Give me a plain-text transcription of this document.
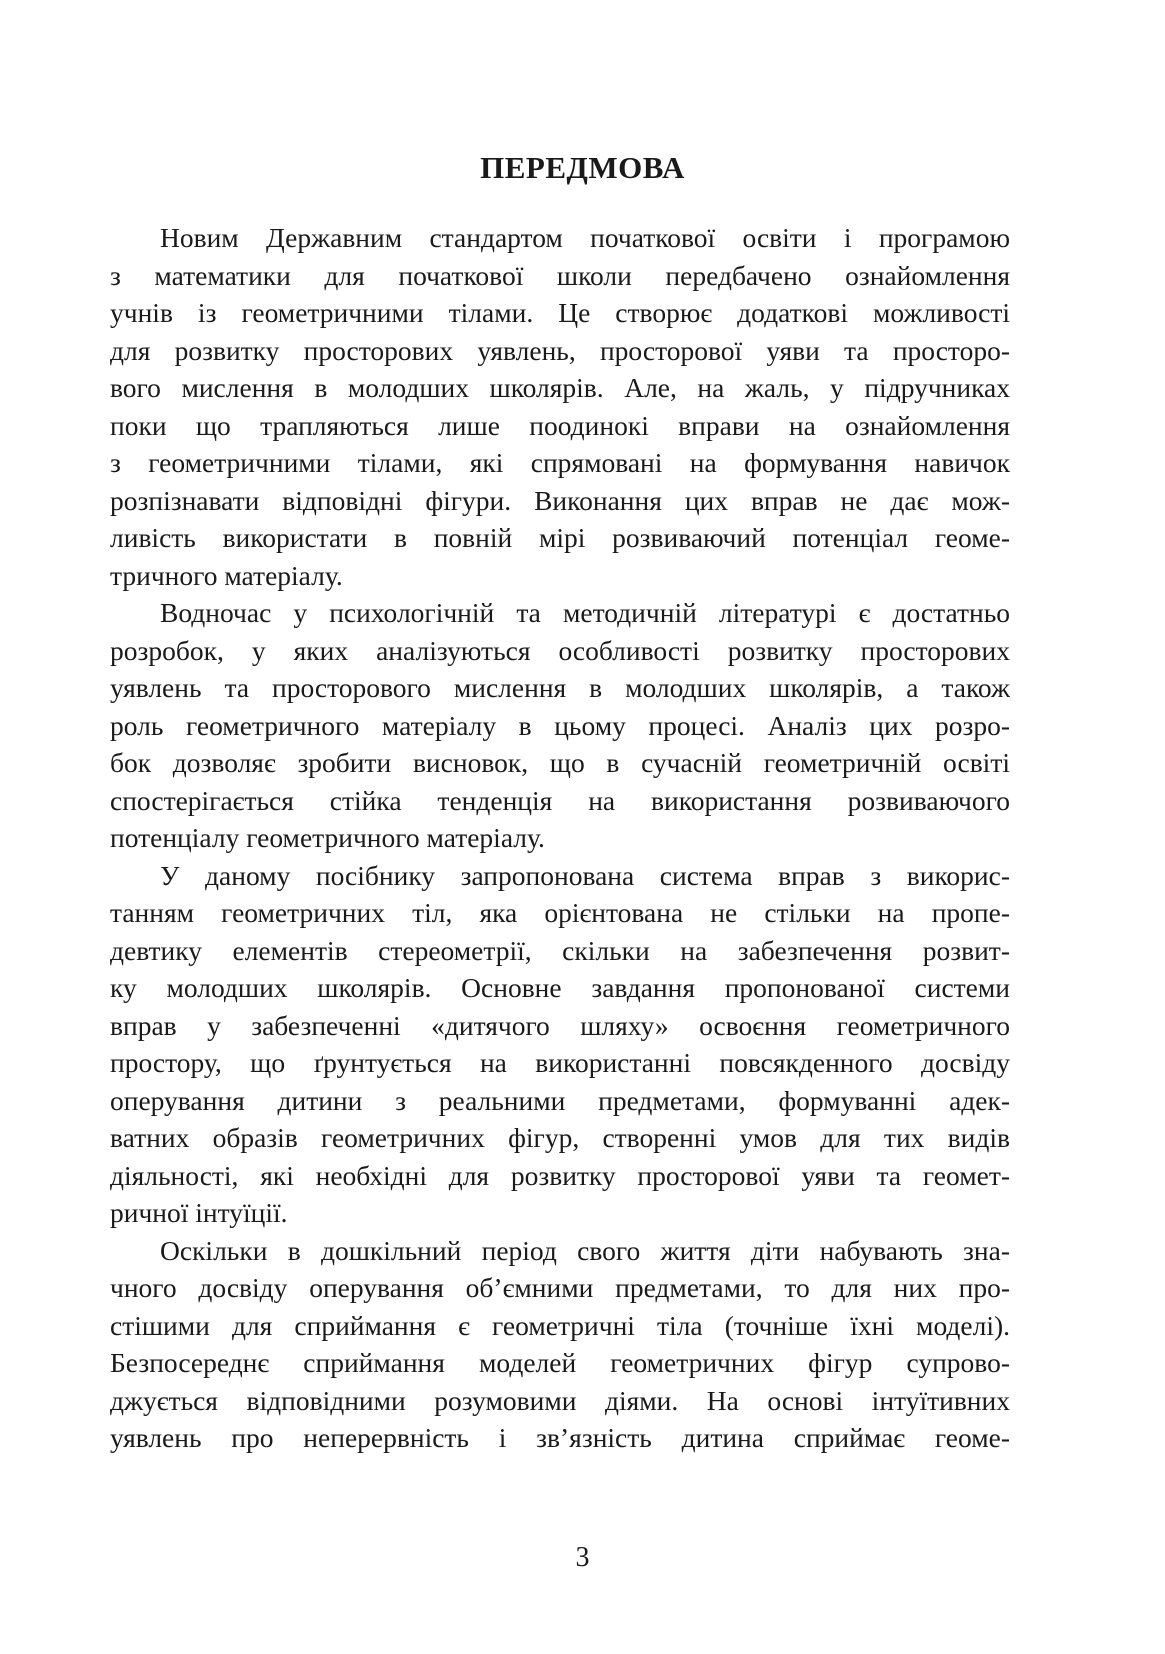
ПЕРЕДМОВА
Новим Державним стандартом початкової освіти і програмою
з математики для початкової школи передбачено ознайомлення
учнів із геометричними тілами. Це створює додаткові можливості
для розвитку просторових уявлень, просторової уяви та просторо-
вого мислення в молодших школярів. Але, на жаль, у підручниках
поки що трапляються лише поодинокі вправи на ознайомлення
з геометричними тілами, які спрямовані на формування навичок
розпізнавати відповідні фігури. Виконання цих вправ не дає мож-
ливість використати в повній мірі розвиваючий потенціал геоме-
тричного матеріалу.
Водночас у психологічній та методичній літературі є достатньо
розробок, у яких аналізуються особливості розвитку просторових
уявлень та просторового мислення в молодших школярів, а також
роль геометричного матеріалу в цьому процесі. Аналіз цих розро-
бок дозволяє зробити висновок, що в сучасній геометричній освіті
спостерігається стійка тенденція на використання розвиваючого
потенціалу геометричного матеріалу.
У даному посібнику запропонована система вправ з викорис-
танням геометричних тіл, яка орієнтована не стільки на пропе-
девтику елементів стереометрії, скільки на забезпечення розвит-
ку молодших школярів. Основне завдання пропонованої системи
вправ у забезпеченні «дитячого шляху» освоєння геометричного
простору, що ґрунтується на використанні повсякденного досвіду
оперування дитини з реальними предметами, формуванні адек-
ватних образів геометричних фігур, створенні умов для тих видів
діяльності, які необхідні для розвитку просторової уяви та геомет-
ричної інтуїції.
Оскільки в дошкільний період свого життя діти набувають зна-
чного досвіду оперування об’ємними предметами, то для них про-
стішими для сприймання є геометричні тіла (точніше їхні моделі).
Безпосереднє сприймання моделей геометричних фігур супрово-
джується відповідними розумовими діями. На основі інтуїтивних
уявлень про неперервність і зв’язність дитина сприймає геоме-
3
